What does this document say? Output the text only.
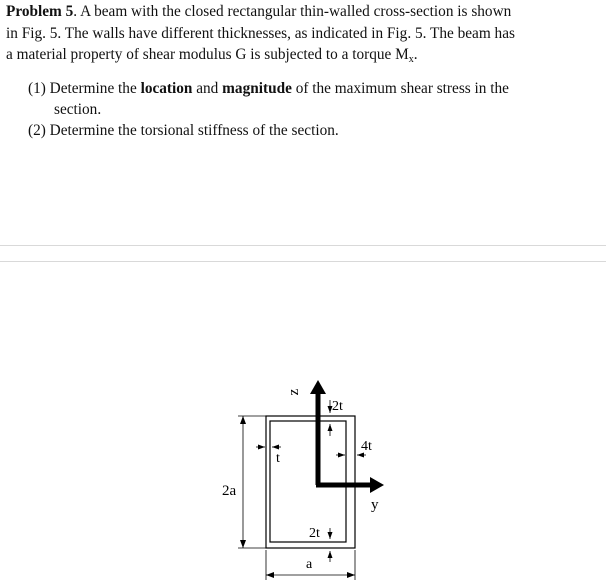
Problem 5. A beam with the closed rectangular thin-walled cross-section is shown
in Fig. 5. The walls have different thicknesses, as indicated in Fig. 5. The beam has
a material property of shear modulus G is subjected to a torque $M_x$.

(1) Determine the location and magnitude of the maximum shear stress in the
section.
(2) Determine the torsional stiffness of the section.
z
2t
4t
t
y
2a
2t
a
